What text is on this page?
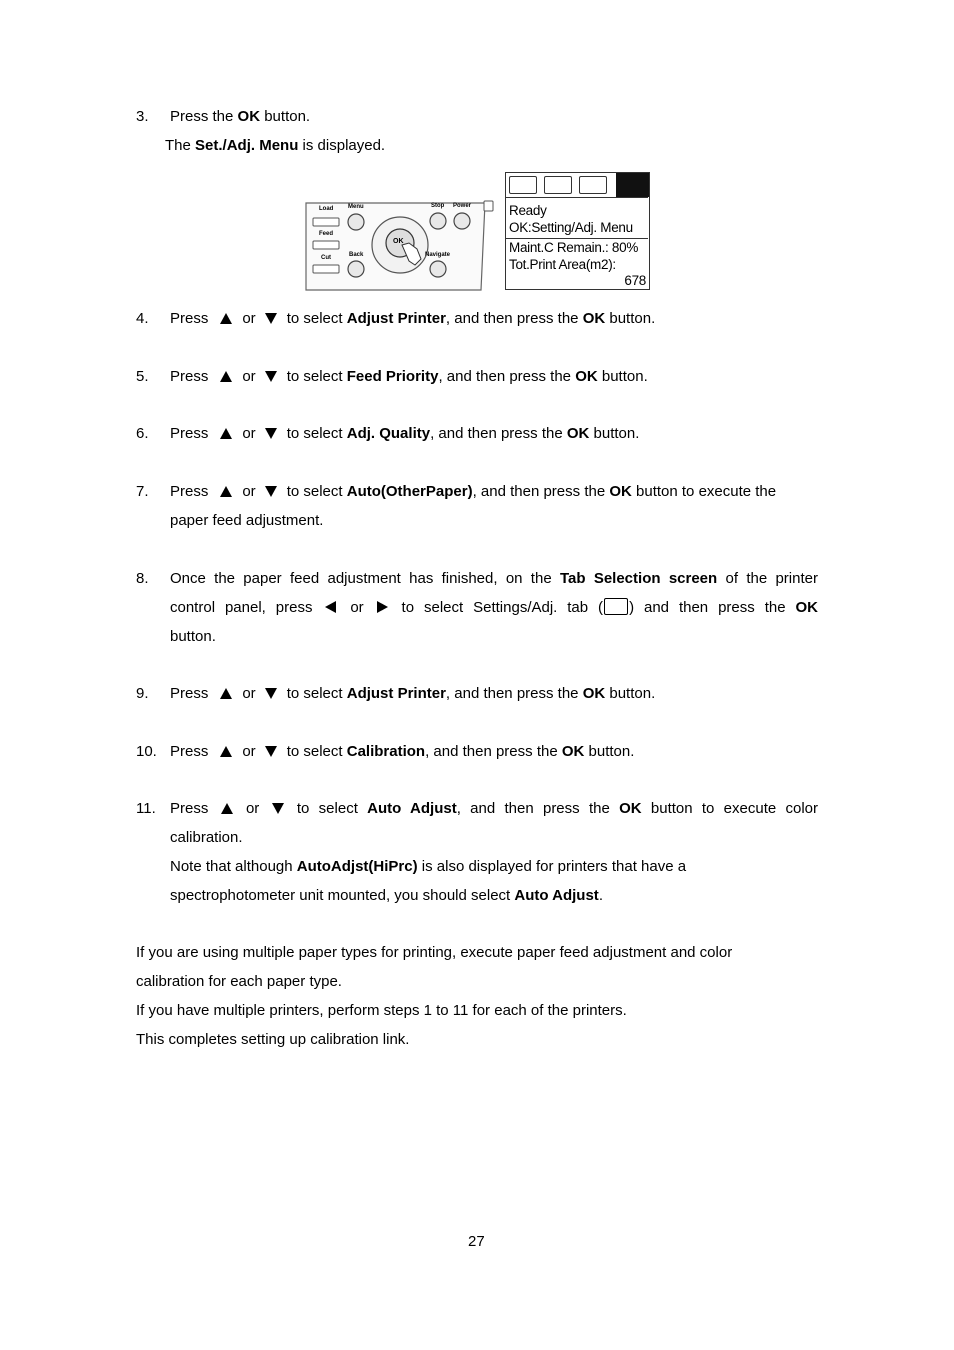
3. Press the OK button.
The Set./Adj. Menu is displayed.
Load Menu	Stop Power
Feed
Cut	Back	Navigate
OK
Ready
OK:Setting/Adj. Menu
Maint.C Remain.: 80%
Tot.Print Area(m2):
678
4. Press or to select Adjust Printer, and then press the OK button.
5. Press or to select Feed Priority, and then press the OK button.
6. Press or to select Adj. Quality, and then press the OK button.
7. Press or to select Auto(OtherPaper), and then press the OK button to execute the
paper feed adjustment.
8. Once the paper feed adjustment has finished, on the Tab Selection screen of the printer
control panel, press	or	to select Settings/Adj. tab ( ) and then press the OK
button.
9. Press or to select Adjust Printer, and then press the OK button.
10. Press or to select Calibration, and then press the OK button.
11. Press	or	to select Auto Adjust, and then press the OK button to execute color
calibration.
Note that although AutoAdjst(HiPrc) is also displayed for printers that have a
spectrophotometer unit mounted, you should select Auto Adjust.
If you are using multiple paper types for printing, execute paper feed adjustment and color
calibration for each paper type.
If you have multiple printers, perform steps 1 to 11 for each of the printers.
This completes setting up calibration link.
27
